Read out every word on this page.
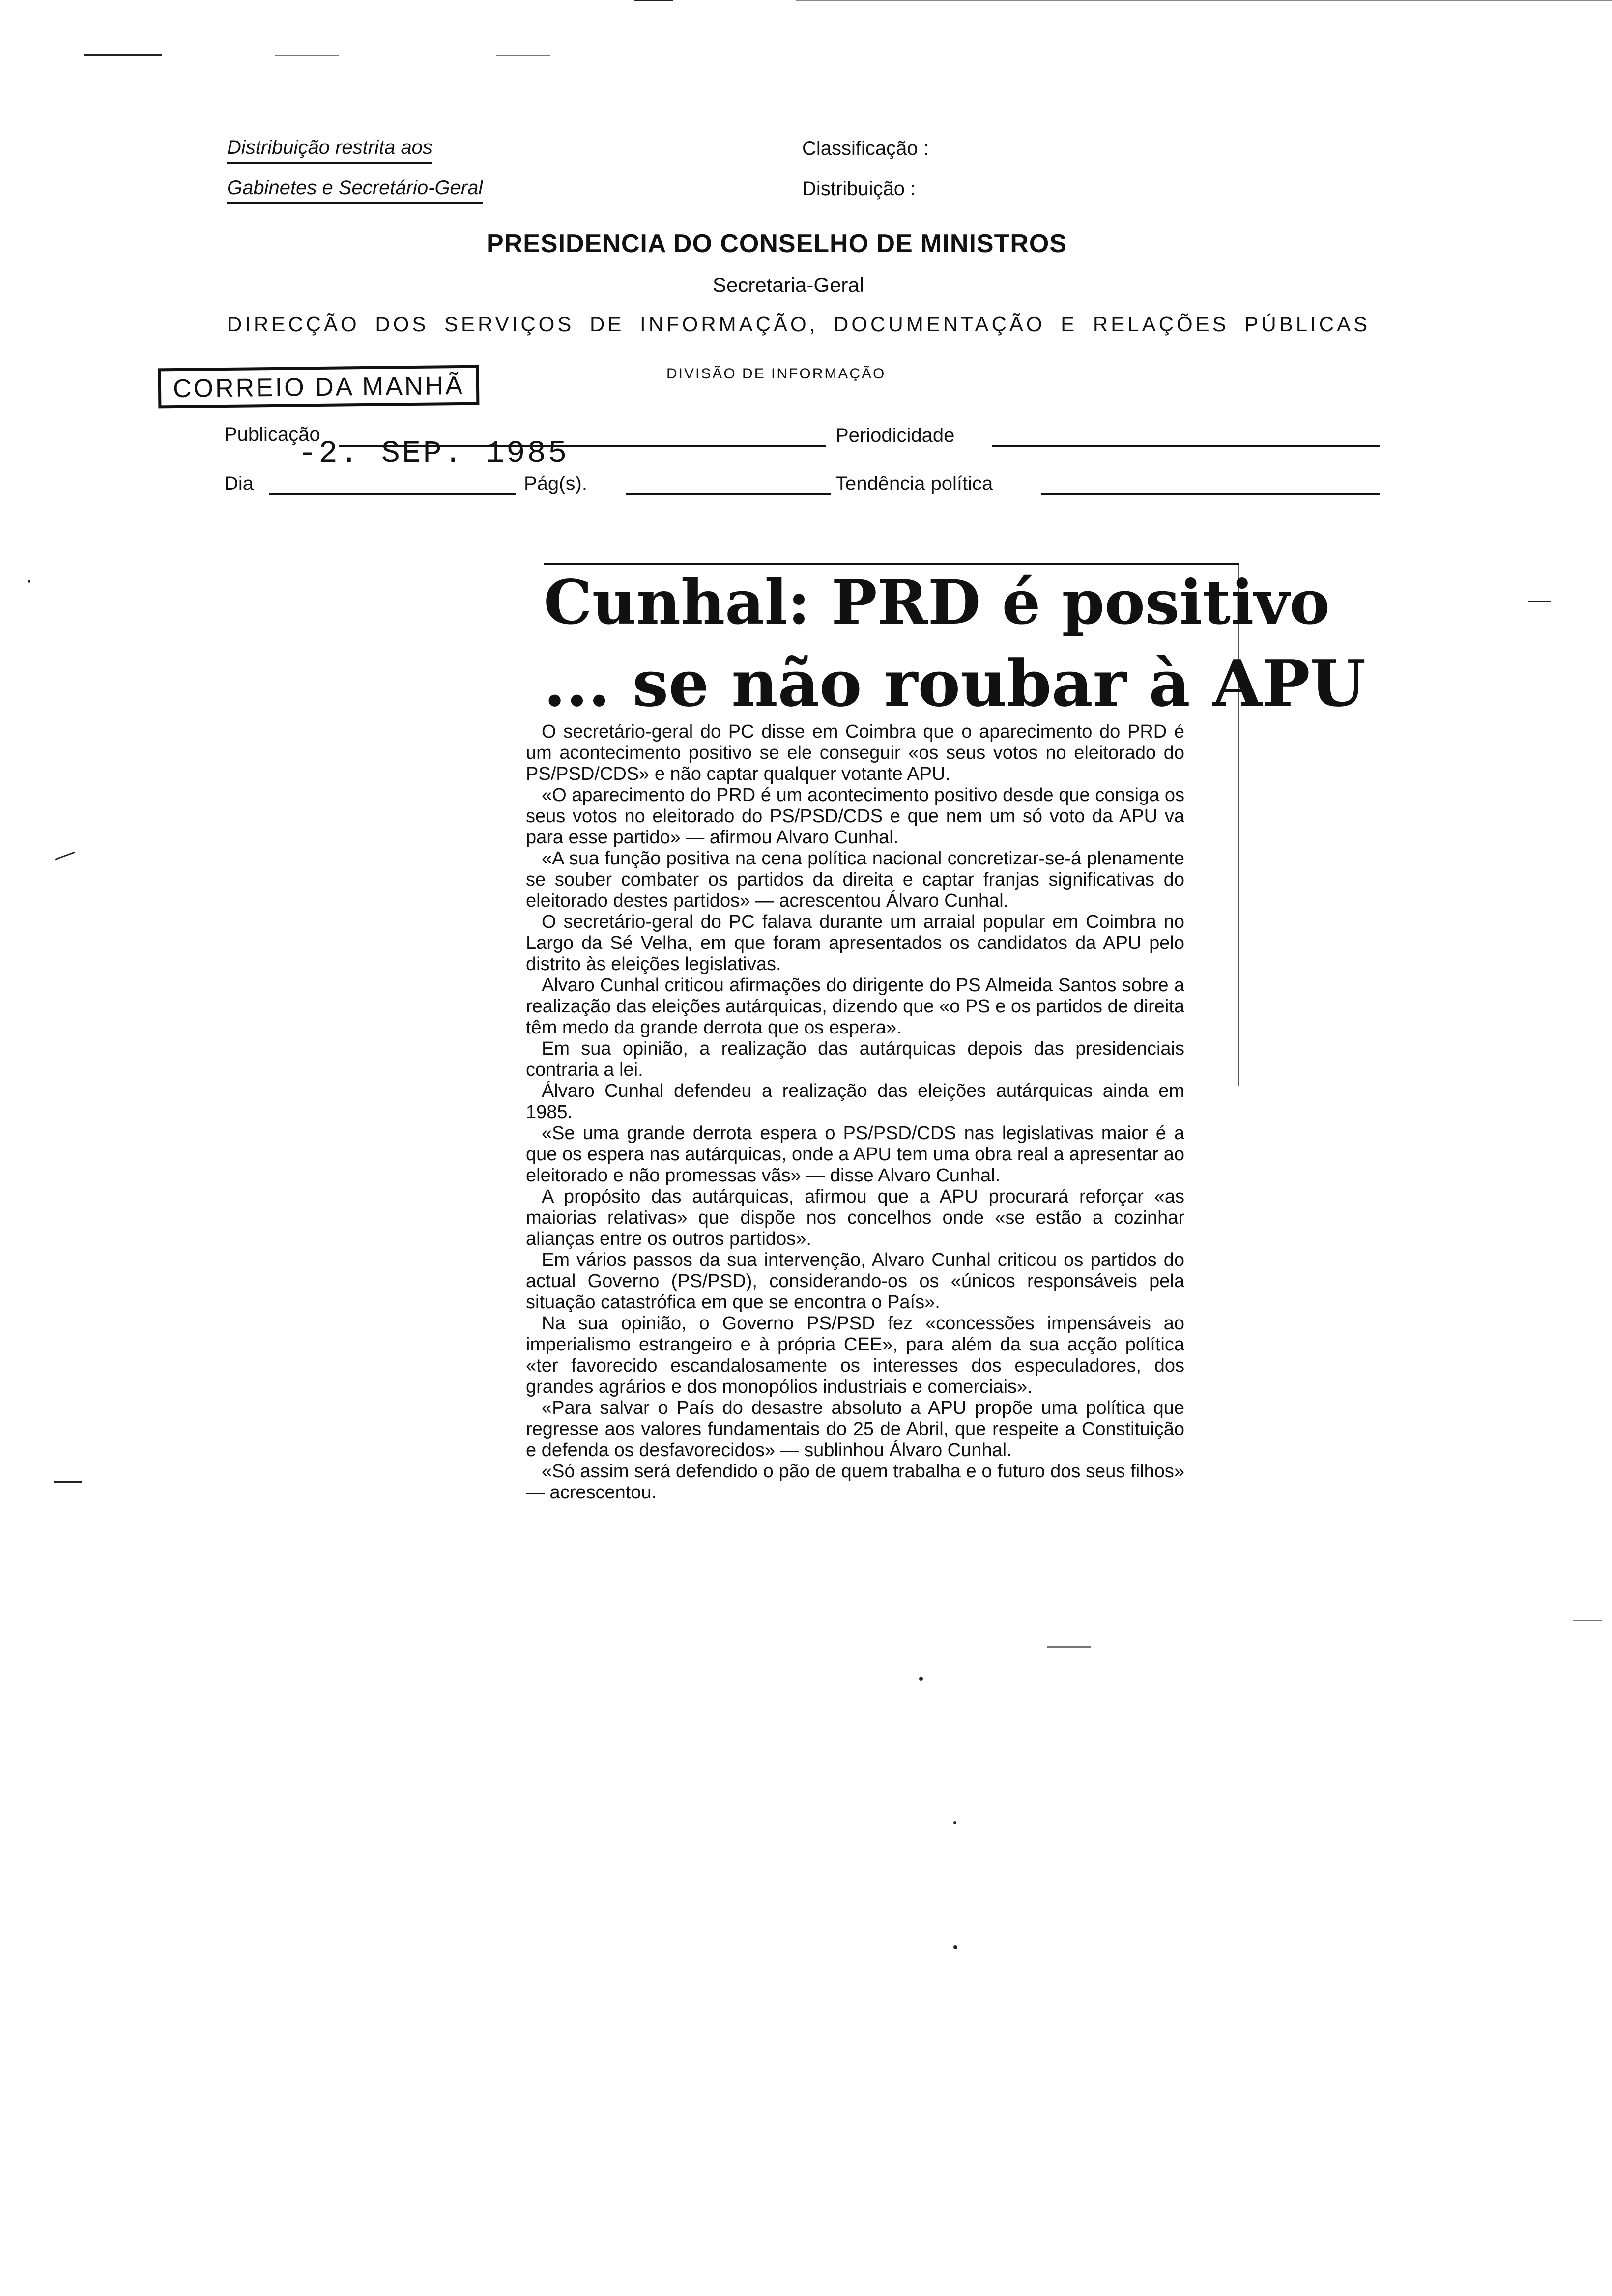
Distribuição restrita aos
Gabinetes e Secretário-Geral
Classificação :
Distribuição :
PRESIDENCIA DO CONSELHO DE MINISTROS
Secretaria-Geral
DIRECÇÃO DOS SERVIÇOS DE INFORMAÇÃO, DOCUMENTAÇÃO E RELAÇÕES PÚBLICAS
DIVISÃO DE INFORMAÇÃO
CORREIO DA MANHÃ
Publicação
-2. SEP. 1985
Periodicidade
Dia	Pág(s).	Tendência política
Cunhal: PRD é positivo
... se não roubar à APU

O secretário-geral do PC disse em Coimbra que o aparecimento do PRD é um acontecimento positivo se ele conseguir «os seus votos no eleitorado do PS/PSD/CDS» e não captar qualquer votante APU.

«O aparecimento do PRD é um acontecimento positivo desde que consiga os seus votos no eleitorado do PS/PSD/CDS e que nem um só voto da APU va para esse partido» — afirmou Alvaro Cunhal.

«A sua função positiva na cena política nacional concretizar-se-á plenamente se souber combater os partidos da direita e captar franjas significativas do eleitorado destes partidos» — acrescentou Álvaro Cunhal.

O secretário-geral do PC falava durante um arraial popular em Coimbra no Largo da Sé Velha, em que foram apresentados os candidatos da APU pelo distrito às eleições legislativas.

Alvaro Cunhal criticou afirmações do dirigente do PS Almeida Santos sobre a realização das eleições autárquicas, dizendo que «o PS e os partidos de direita têm medo da grande derrota que os espera».

Em sua opinião, a realização das autárquicas depois das presidenciais contraria a lei.

Álvaro Cunhal defendeu a realização das eleições autárquicas ainda em 1985.

«Se uma grande derrota espera o PS/PSD/CDS nas legislativas maior é a que os espera nas autárquicas, onde a APU tem uma obra real a apresentar ao eleitorado e não promessas vãs» — disse Alvaro Cunhal.

A propósito das autárquicas, afirmou que a APU procurará reforçar «as maiorias relativas» que dispõe nos concelhos onde «se estão a cozinhar alianças entre os outros partidos».

Em vários passos da sua intervenção, Alvaro Cunhal criticou os partidos do actual Governo (PS/PSD), considerando-os os «únicos responsáveis pela situação catastrófica em que se encontra o País».

Na sua opinião, o Governo PS/PSD fez «concessões impensáveis ao imperialismo estrangeiro e à própria CEE», para além da sua acção política «ter favorecido escandalosamente os interesses dos especuladores, dos grandes agrários e dos monopólios industriais e comerciais».

«Para salvar o País do desastre absoluto a APU propõe uma política que regresse aos valores fundamentais do 25 de Abril, que respeite a Constituição e defenda os desfavorecidos» — sublinhou Álvaro Cunhal.

«Só assim será defendido o pão de quem trabalha e o futuro dos seus filhos» — acrescentou.
